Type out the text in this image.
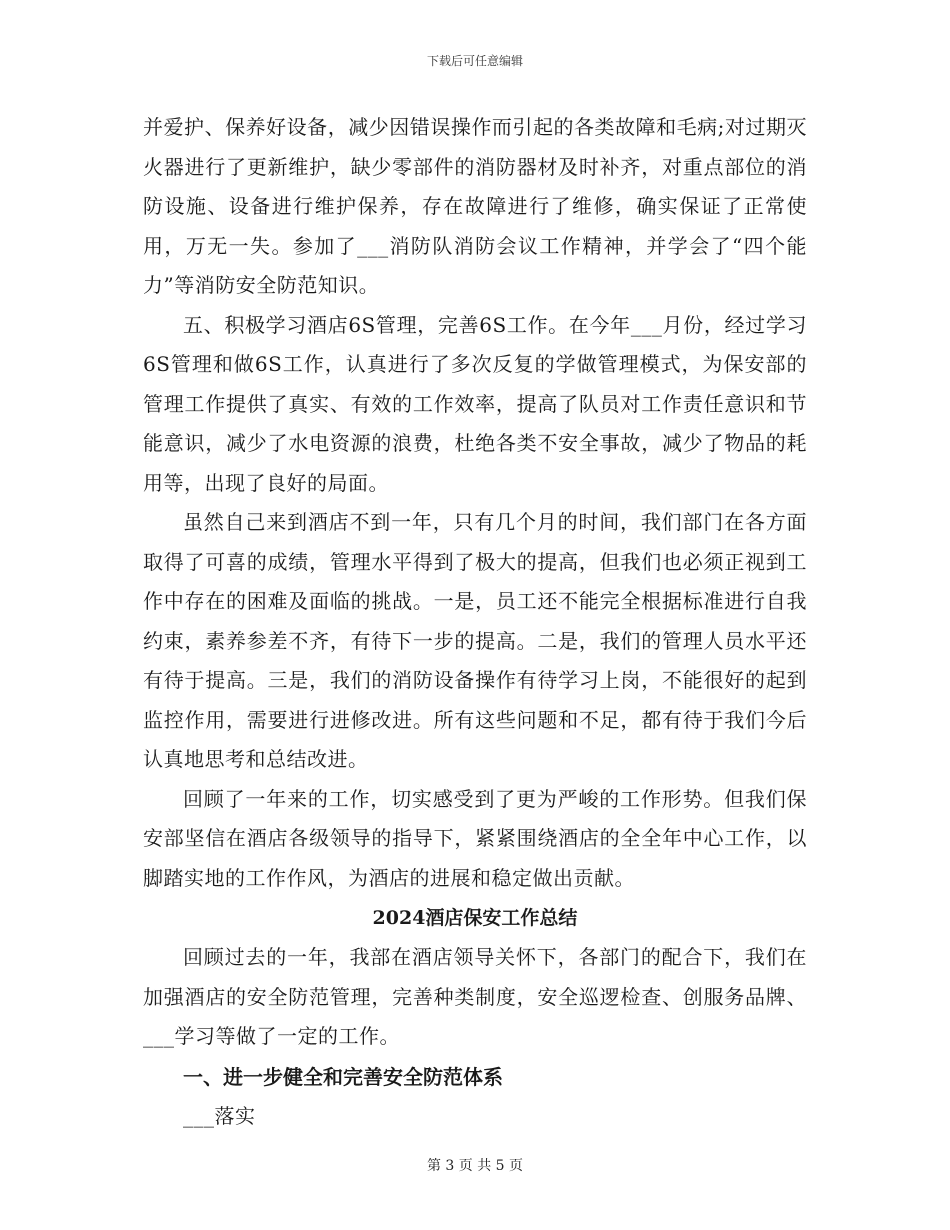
下载后可任意编辑

并爱护、保养好设备，减少因错误操作而引起的各类故障和毛病;对过期灭火器进行了更新维护，缺少零部件的消防器材及时补齐，对重点部位的消防设施、设备进行维护保养，存在故障进行了维修，确实保证了正常使用，万无一失。参加了___消防队消防会议工作精神，并学会了“四个能力”等消防安全防范知识。

五、积极学习酒店6S管理，完善6S工作。在今年___月份，经过学习6S管理和做6S工作，认真进行了多次反复的学做管理模式，为保安部的管理工作提供了真实、有效的工作效率，提高了队员对工作责任意识和节能意识，减少了水电资源的浪费，杜绝各类不安全事故，减少了物品的耗用等，出现了良好的局面。

虽然自己来到酒店不到一年，只有几个月的时间，我们部门在各方面取得了可喜的成绩，管理水平得到了极大的提高，但我们也必须正视到工作中存在的困难及面临的挑战。一是，员工还不能完全根据标准进行自我约束，素养参差不齐，有待下一步的提高。二是，我们的管理人员水平还有待于提高。三是，我们的消防设备操作有待学习上岗，不能很好的起到监控作用，需要进行进修改进。所有这些问题和不足，都有待于我们今后认真地思考和总结改进。

回顾了一年来的工作，切实感受到了更为严峻的工作形势。但我们保安部坚信在酒店各级领导的指导下，紧紧围绕酒店的全全年中心工作，以脚踏实地的工作作风，为酒店的进展和稳定做出贡献。

2024酒店保安工作总结

回顾过去的一年，我部在酒店领导关怀下，各部门的配合下，我们在加强酒店的安全防范管理，完善种类制度，安全巡逻检查、创服务品牌、___学习等做了一定的工作。

一、进一步健全和完善安全防范体系

___落实

第 3 页 共 5 页
